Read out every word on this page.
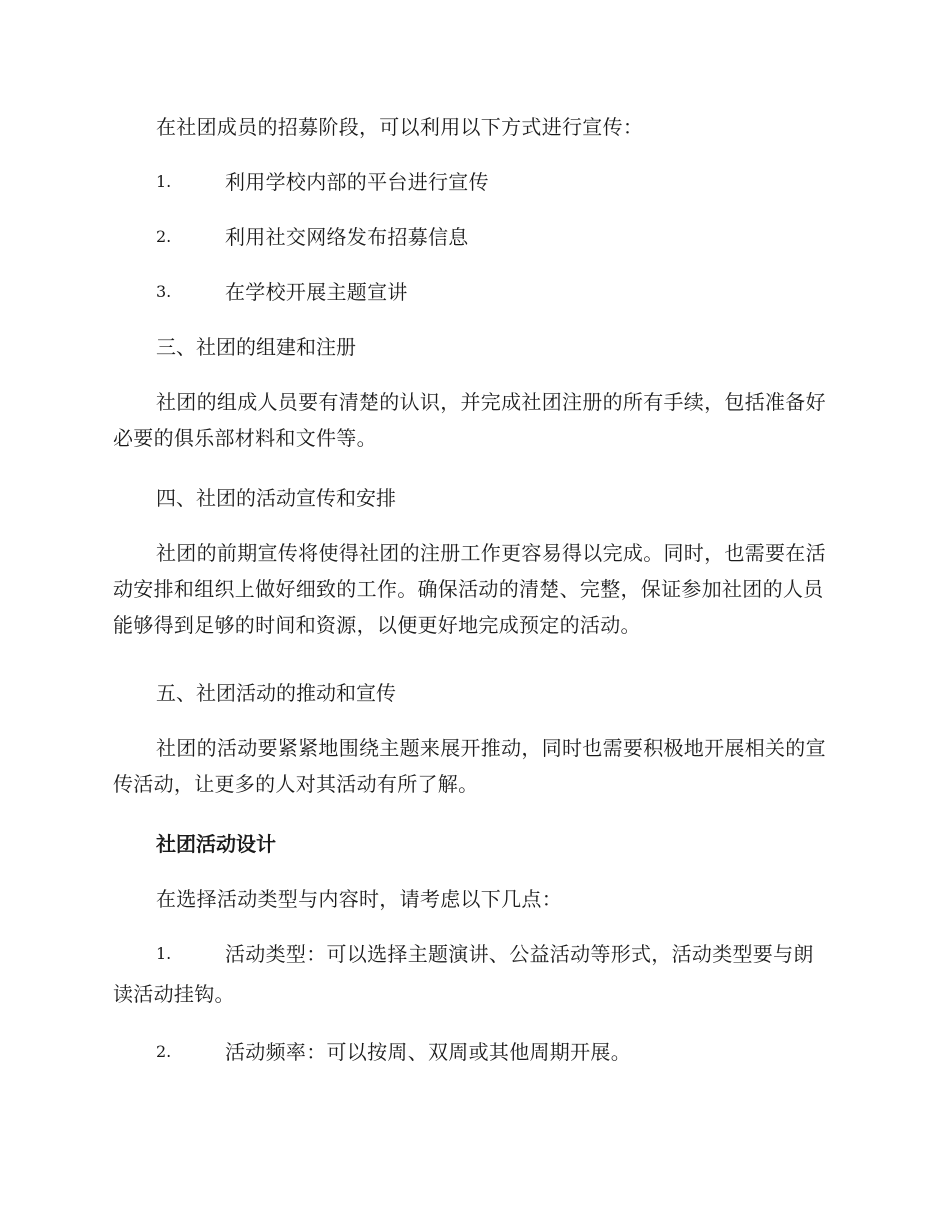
在社团成员的招募阶段，可以利用以下方式进行宣传：

1.	利用学校内部的平台进行宣传
2.	利用社交网络发布招募信息
3.	在学校开展主题宣讲

三、社团的组建和注册

社团的组成人员要有清楚的认识，并完成社团注册的所有手续，包括准备好必要的俱乐部材料和文件等。

四、社团的活动宣传和安排

社团的前期宣传将使得社团的注册工作更容易得以完成。同时，也需要在活动安排和组织上做好细致的工作。确保活动的清楚、完整，保证参加社团的人员能够得到足够的时间和资源，以便更好地完成预定的活动。

五、社团活动的推动和宣传

社团的活动要紧紧地围绕主题来展开推动，同时也需要积极地开展相关的宣传活动，让更多的人对其活动有所了解。

社团活动设计

在选择活动类型与内容时，请考虑以下几点：

1.	活动类型：可以选择主题演讲、公益活动等形式，活动类型要与朗读活动挂钩。
2.	活动频率：可以按周、双周或其他周期开展。
